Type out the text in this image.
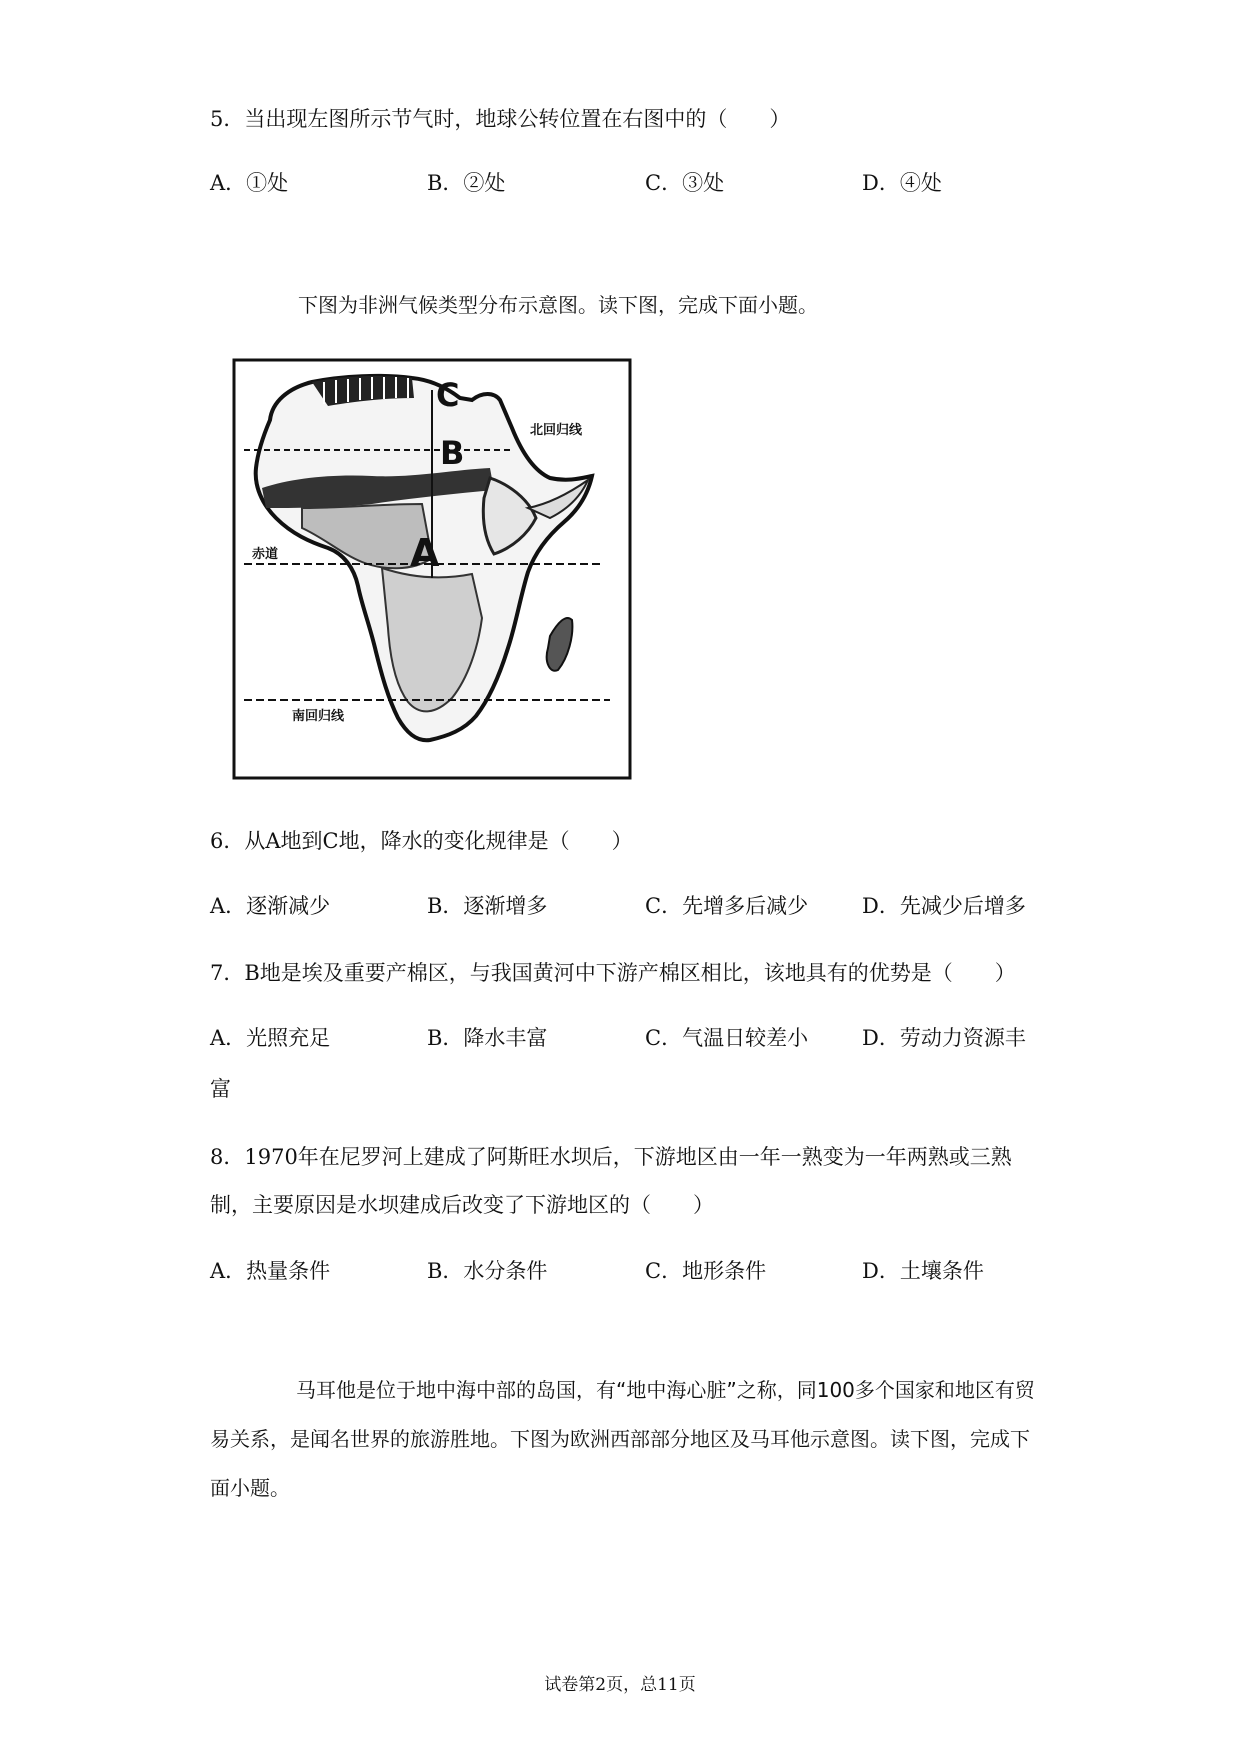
5．当出现左图所示节气时，地球公转位置在右图中的（　　）
A．①处	B．②处	C．③处	D．④处
下图为非洲气候类型分布示意图。读下图，完成下面小题。
C
B
A
北回归线
赤道
南回归线
6．从A地到C地，降水的变化规律是（　　）
A．逐渐减少	B．逐渐增多	C．先增多后减少	D．先减少后增多
7．B地是埃及重要产棉区，与我国黄河中下游产棉区相比，该地具有的优势是（　　）
A．光照充足	B．降水丰富	C．气温日较差小	D．劳动力资源丰
富
8．1970年在尼罗河上建成了阿斯旺水坝后，下游地区由一年一熟变为一年两熟或三熟
制，主要原因是水坝建成后改变了下游地区的（　　）
A．热量条件	B．水分条件	C．地形条件	D．土壤条件
马耳他是位于地中海中部的岛国，有“地中海心脏”之称，同100多个国家和地区有贸易关系，是闻名世界的旅游胜地。下图为欧洲西部部分地区及马耳他示意图。读下图，完成下面小题。
试卷第2页，总11页
